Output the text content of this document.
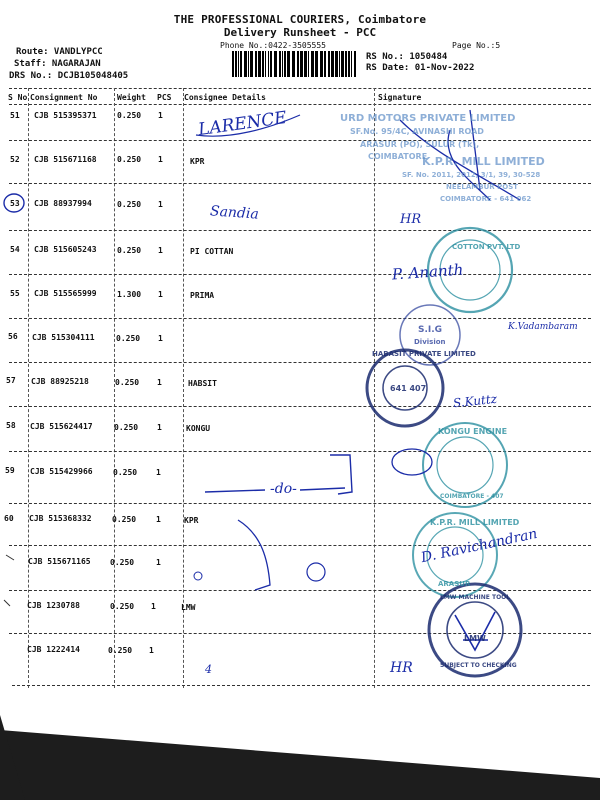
THE PROFESSIONAL COURIERS, Coimbatore
Delivery Runsheet - PCC
Phone No.:0422-3505555	Page No.:5
Route: VANDLYPCC
Staff: NAGARAJAN
DRS No.: DCJB105048405
RS No.: 1050484
RS Date: 01-Nov-2022
S No Consignment No Weight PCS Consignee Details	Signature
51 CJB 515395371	0.250 1
52 CJB 515671168	0.250 1	KPR
53 CJB 88937994	0.250 1
54 CJB 515605243	0.250 1	PI COTTAN
55 CJB 515565999	1.300 1	PRIMA
56 CJB 515304111	0.250 1
57 CJB 88925218	0.250 1	HABSIT
58 CJB 515624417	0.250 1	KONGU
59 CJB 515429966	0.250 1
60 CJB 515368332	0.250 1	KPR
CJB 515671165 0.250	1
CJB 1230788	0.250 1	LMW
CJB 1222414	0.250 1
URD MOTORS PRIVATE LIMITED
SF.No. 95/4C, AVINASHI ROAD
ARASUR (PO), SULUR (Tk),
COIMBATORE
K.P.R. MILL LIMITED
SF. No. 2011, 2012, 3/1, 39, 30-528
NEELAMBUR POST
COIMBATORE - 641 062
COTTON PVT. LTD
S.I.G
Division
HABASIT PRIVATE LIMITED
641 407
KONGU ENGINE
COIMBATORE - 407
K.P.R. MILL LIMITED
ARASUR
LMW MACHINE TOOL
LMW
SUBJECT TO CHECKING
LARENCE
Sandia	HR
P. Ananth
K.Vadambaram
S.Kuttz
-do-
D. Ravichandran
HR
4
